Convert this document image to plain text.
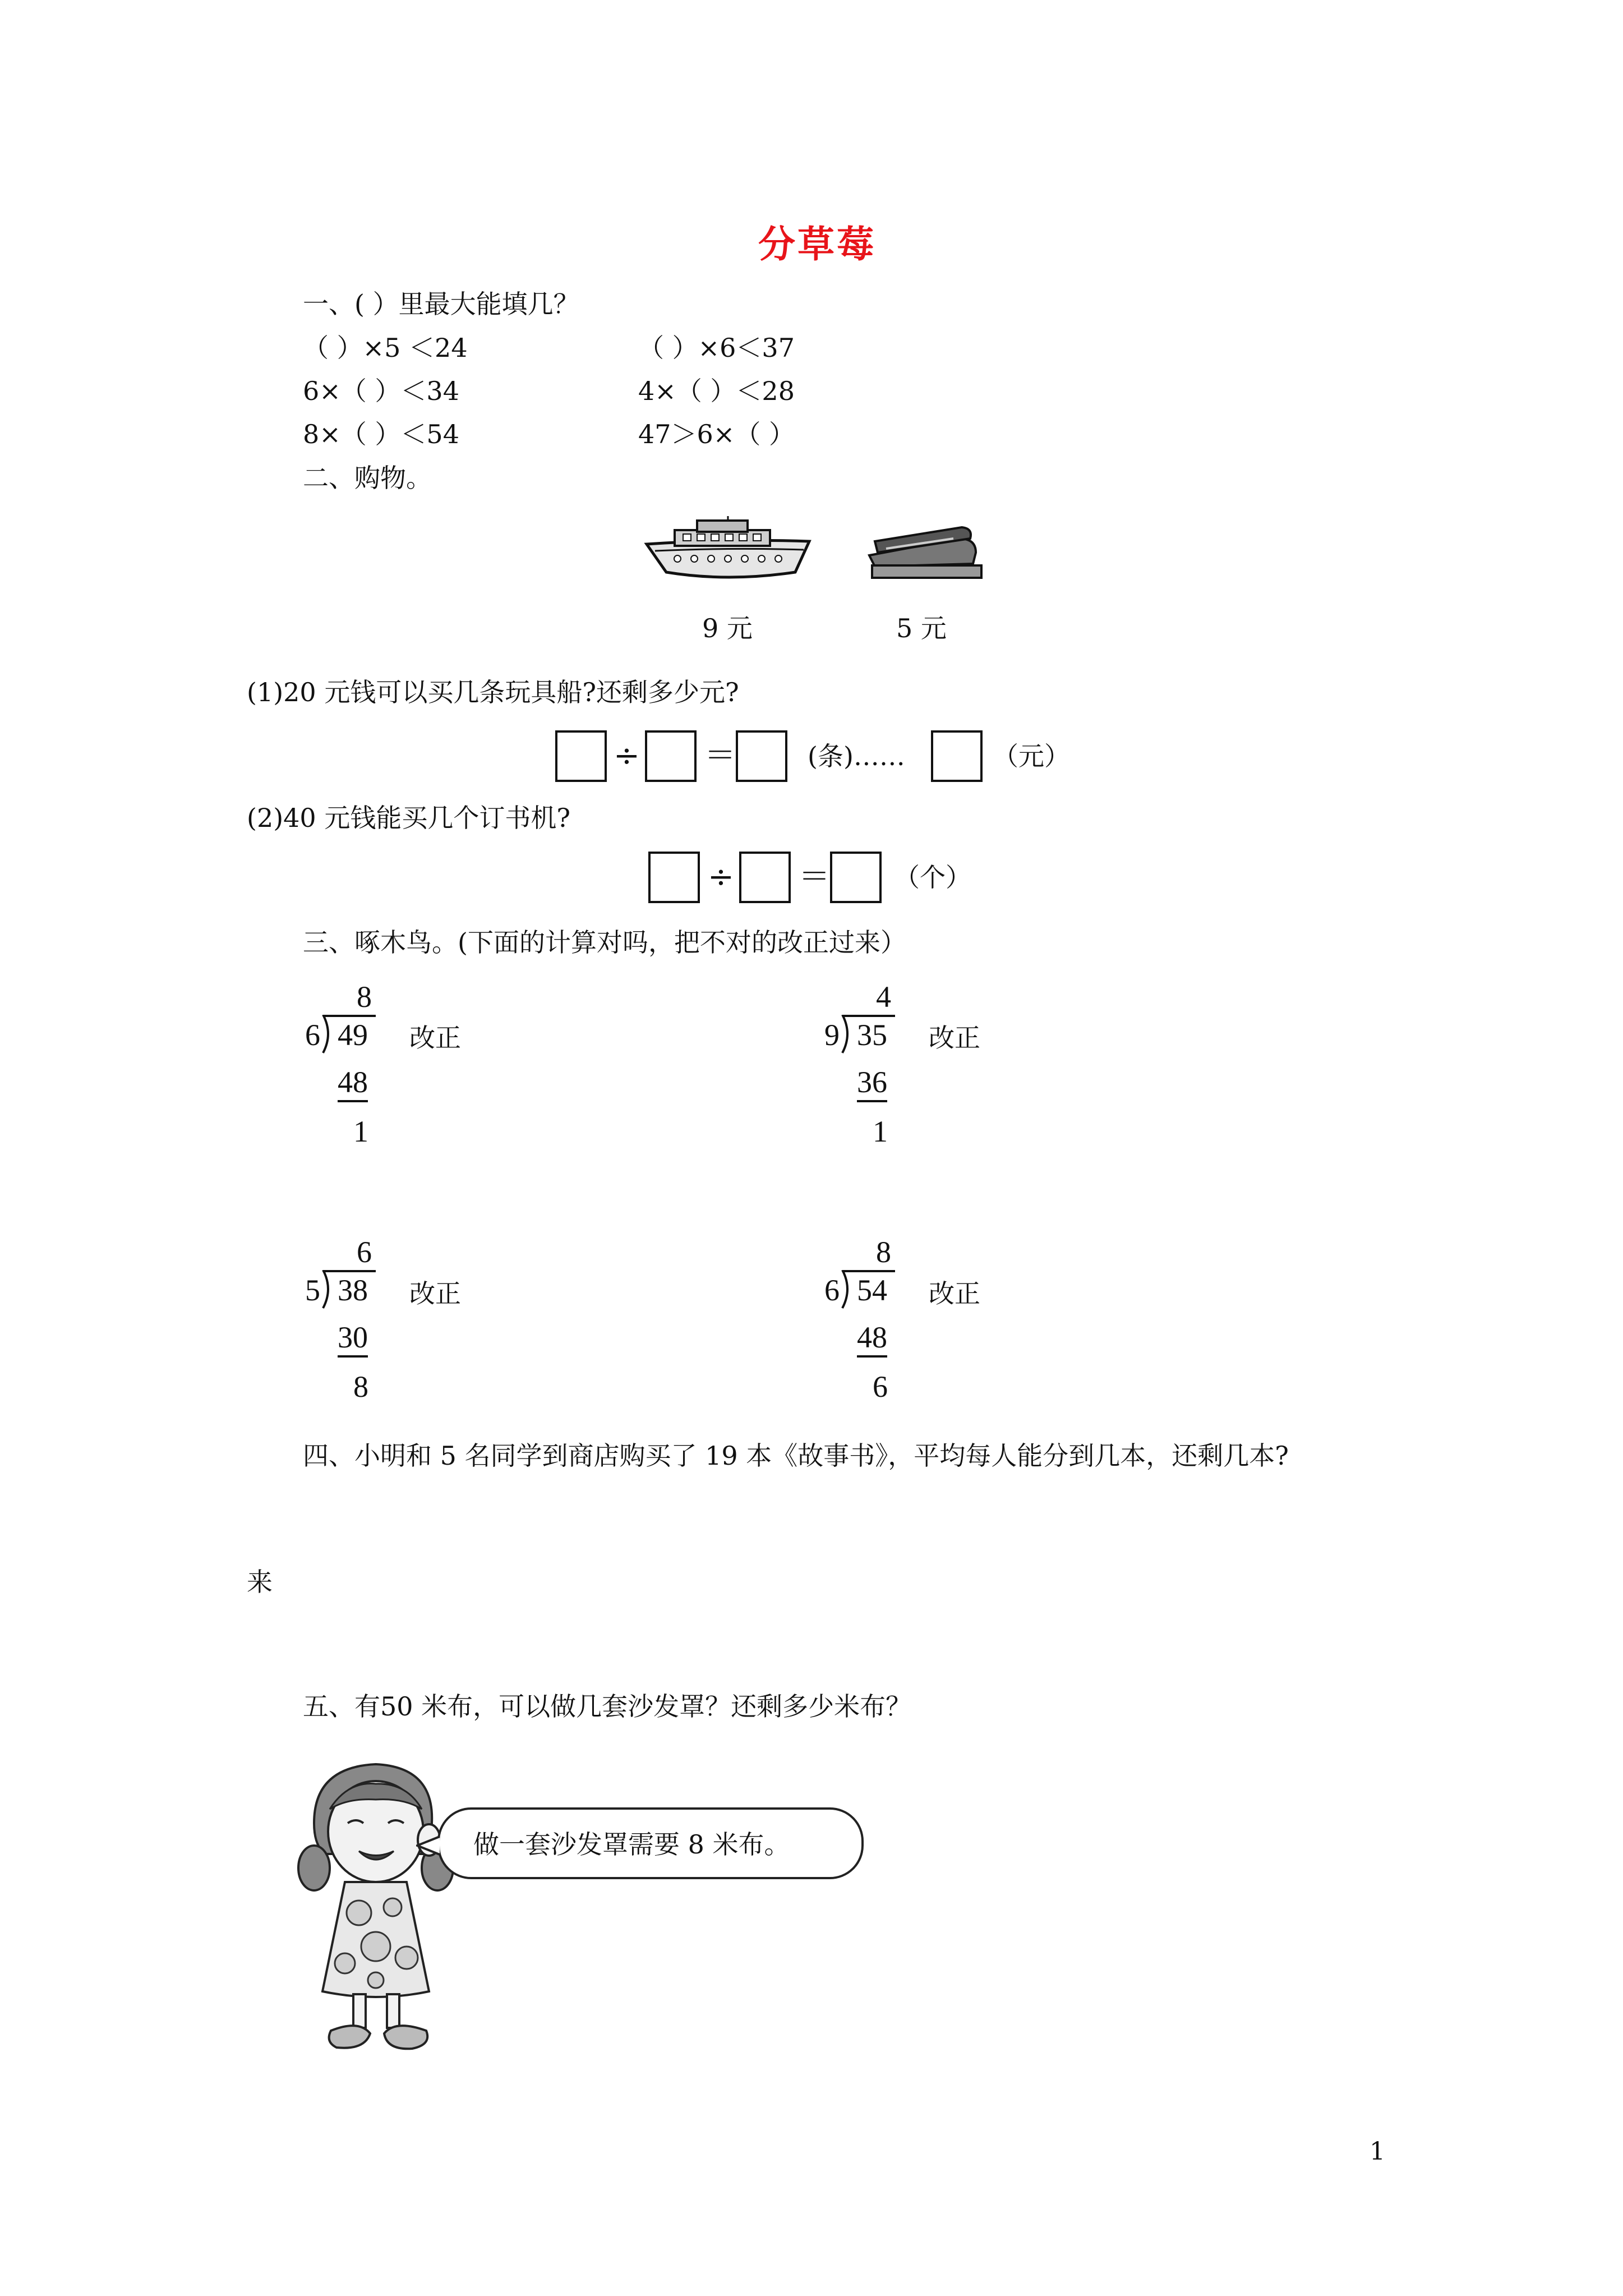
分草莓
一、( ）里最大能填几？
（ ）×5 ＜24	（ ）×6＜37
6×（ ）＜34	4×（ ）＜28
8×（ ）＜54	47＞6×（ ）
二、购物。
9 元	5 元
(1)20 元钱可以买几条玩具船?还剩多少元?
÷ ＝	(条)……	（元）
(2)40 元钱能买几个订书机?
÷ ＝ （个）
三、啄木鸟。(下面的计算对吗，把不对的改正过来）
8
6 49
48
1
改正
4
9 35
36
1
改正
6
5 38
30
8
改正
8
6 54
48
6
改正
四、小明和 5 名同学到商店购买了 19 本《故事书》，平均每人能分到几本，还剩几本?
来
五、有50 米布，可以做几套沙发罩？还剩多少米布？
做一套沙发罩需要 8 米布。
1
